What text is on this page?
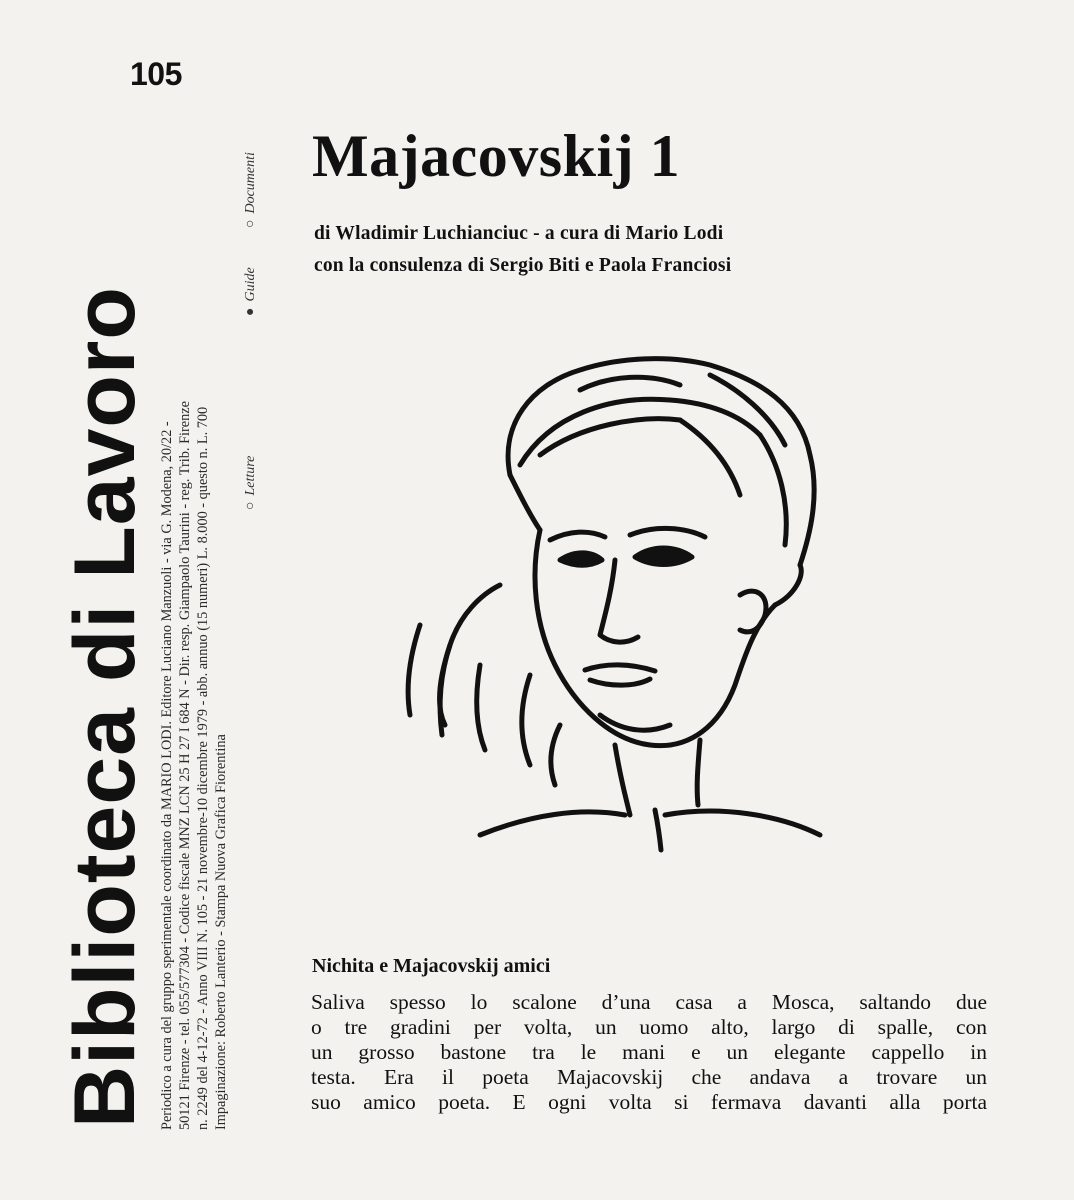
105
Biblioteca di Lavoro Periodico a cura del gruppo sperimentale coordinato da MARIO LODI. Editore Luciano Manzuoli - via G. Modena, 20/22 - 50121 Firenze - tel. 055/577304 - Codice fiscale MNZ LCN 25 H 27 I 684 N - Dir. resp. Giampaolo Taurini - reg. Trib. Firenze n. 2249 del 4-12-72 - Anno VIII N. 105 - 21 novembre-10 dicembre 1979 - abb. annuo (15 numeri) L. 8.000 - questo n. L. 700 Impaginazione: Roberto Lanterio - Stampa Nuova Grafica Fiorentina
○Letture
●Guide
○Documenti Majacovskij 1
di Wladimir Luchianciuc - a cura di Mario Lodi
con la consulenza di Sergio Biti e Paola Franciosi
Nichita e Majacovskij amici
Saliva spesso lo scalone d’una casa a Mosca, saltando due
o tre gradini per volta, un uomo alto, largo di spalle, con
un grosso bastone tra le mani e un elegante cappello in
testa. Era il poeta Majacovskij che andava a trovare un
suo amico poeta. E ogni volta si fermava davanti alla porta
